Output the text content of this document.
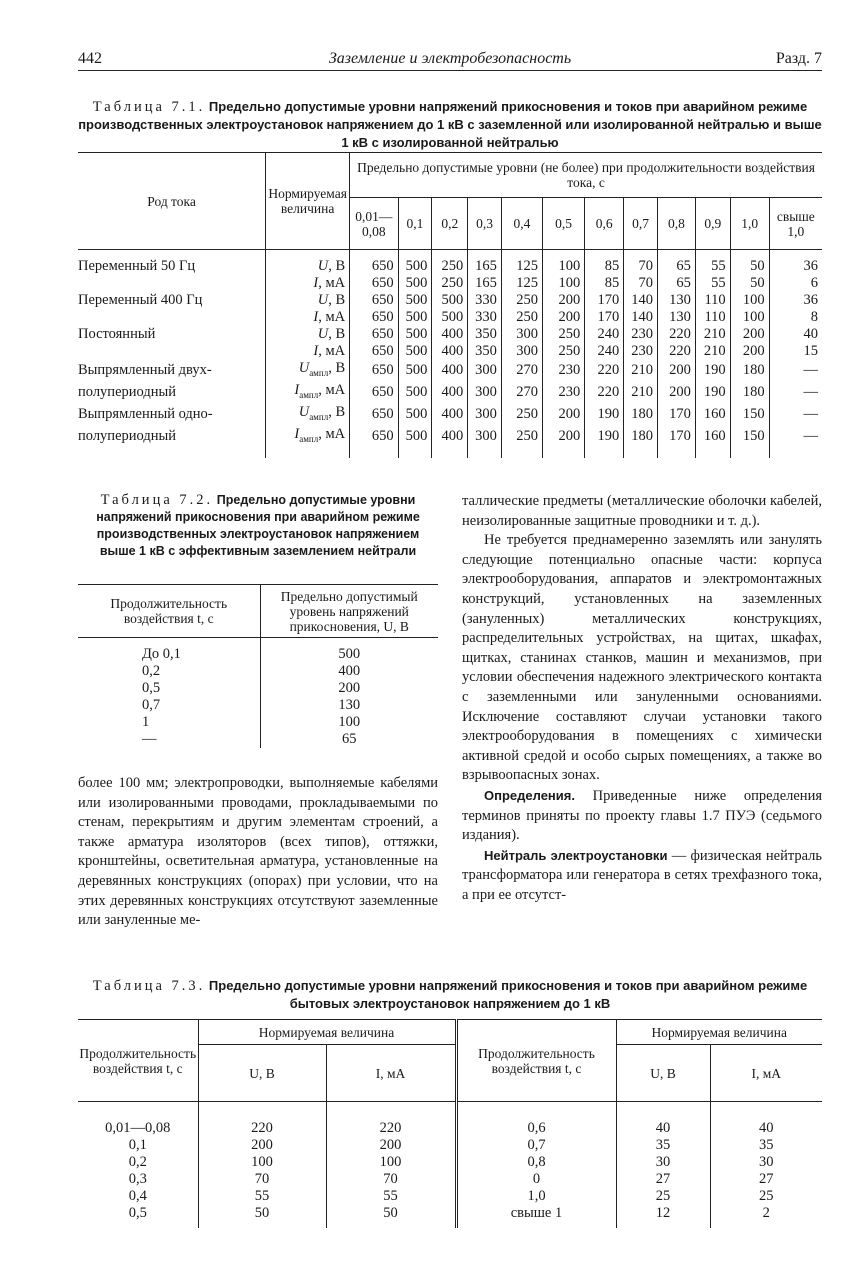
442	Заземление и электробезопасность	Разд. 7
Таблица 7.1. Предельно допустимые уровни напряжений прикосновения и токов при аварийном режиме производственных электроустановок напряжением до 1 кВ с заземленной или изолированной нейтралью и выше 1 кВ с изолированной нейтралью
Род тока	Нормируемая величина	Предельно допустимые уровни (не более) при продолжительности воздействия тока, с											
		0,01—0,08	0,1	0,2	0,3	0,4	0,5	0,6	0,7	0,8	0,9	1,0	свыше 1,0
Переменный 50 Гц	U, В	650	500	250	165	125	100	85	70	65	55	50	36
	I, мА	650	500	250	165	125	100	85	70	65	55	50	6
Переменный 400 Гц	U, В	650	500	500	330	250	200	170	140	130	110	100	36
	I, мА	650	500	500	330	250	200	170	140	130	110	100	8
Постоянный	U, В	650	500	400	350	300	250	240	230	220	210	200	40
	I, мА	650	500	400	350	300	250	240	230	220	210	200	15
Выпрямленный двух-	$U_{ампл}$, В	650	500	400	300	270	230	220	210	200	190	180	—
полупериодный	$I_{ампл}$, мА	650	500	400	300	270	230	220	210	200	190	180	—
Выпрямленный одно-	$U_{ампл}$, В	650	500	400	300	250	200	190	180	170	160	150	—
полупериодный	$I_{ампл}$, мА	650	500	400	300	250	200	190	180	170	160	150	—
Таблица 7.2. Предельно допустимые уровни напряжений прикосновения при аварийном режиме производственных электроустановок напряжением выше 1 кВ с эффективным заземлением нейтрали
Продолжительность воздействия t, с	Предельно допустимый уровень напряжений прикосновения, U, В
До 0,1	500
0,2	400
0,5	200
0,7	130
1	100
—	65

более 100 мм; электропроводки, выполняемые кабелями или изолированными проводами, прокладываемыми по стенам, перекрытиям и другим элементам строений, а также арматура изоляторов (всех типов), оттяжки, кронштейны, осветительная арматура, установленные на деревянных конструкциях (опорах) при условии, что на этих деревянных конструкциях отсутствуют заземленные или зануленные ме-

таллические предметы (металлические оболочки кабелей, неизолированные защитные проводники и т. д.).

Не требуется преднамеренно заземлять или занулять следующие потенциально опасные части: корпуса электрооборудования, аппаратов и электромонтажных конструкций, установленных на заземленных (зануленных) металлических конструкциях, распределительных устройствах, на щитах, шкафах, щитках, станинах станков, машин и механизмов, при условии обеспечения надежного электрического контакта с заземленными или зануленными основаниями. Исключение составляют случаи установки такого электрооборудования в помещениях с химически активной средой и особо сырых помещениях, а также во взрывоопасных зонах.

Определения. Приведенные ниже определения терминов приняты по проекту главы 1.7 ПУЭ (седьмого издания).

Нейтраль электроустановки — физическая нейтраль трансформатора или генератора в сетях трехфазного тока, а при ее отсутст-

Таблица 7.3. Предельно допустимые уровни напряжений прикосновения и токов при аварийном режиме бытовых электроустановок напряжением до 1 кВ
Продолжительность воздействия t, с	Нормируемая величина		Продолжительность воздействия t, с	Нормируемая величина	
	U, В	I, мА		U, В	I, мА
0,01—0,08	220	220	0,6	40	40
0,1	200	200	0,7	35	35
0,2	100	100	0,8	30	30
0,3	70	70	0	27	27
0,4	55	55	1,0	25	25
0,5	50	50	свыше 1	12	2
